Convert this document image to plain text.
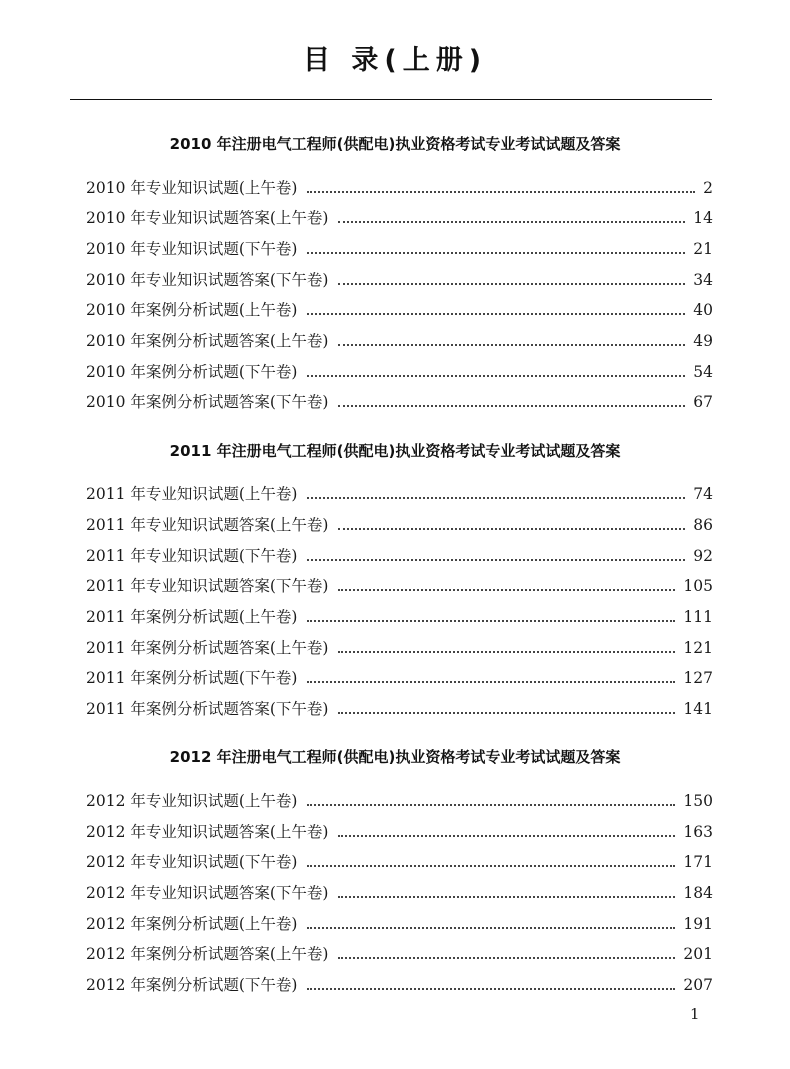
目 录(上册)
2010 年注册电气工程师(供配电)执业资格考试专业考试试题及答案
2010 年专业知识试题(上午卷)	2
2010 年专业知识试题答案(上午卷)	14
2010 年专业知识试题(下午卷)	21
2010 年专业知识试题答案(下午卷)	34
2010 年案例分析试题(上午卷)	40
2010 年案例分析试题答案(上午卷)	49
2010 年案例分析试题(下午卷)	54
2010 年案例分析试题答案(下午卷)	67
2011 年注册电气工程师(供配电)执业资格考试专业考试试题及答案
2011 年专业知识试题(上午卷)	74
2011 年专业知识试题答案(上午卷)	86
2011 年专业知识试题(下午卷)	92
2011 年专业知识试题答案(下午卷)	105
2011 年案例分析试题(上午卷)	111
2011 年案例分析试题答案(上午卷)	121
2011 年案例分析试题(下午卷)	127
2011 年案例分析试题答案(下午卷)	141
2012 年注册电气工程师(供配电)执业资格考试专业考试试题及答案
2012 年专业知识试题(上午卷)	150
2012 年专业知识试题答案(上午卷)	163
2012 年专业知识试题(下午卷)	171
2012 年专业知识试题答案(下午卷)	184
2012 年案例分析试题(上午卷)	191
2012 年案例分析试题答案(上午卷)	201
2012 年案例分析试题(下午卷)	207
1
